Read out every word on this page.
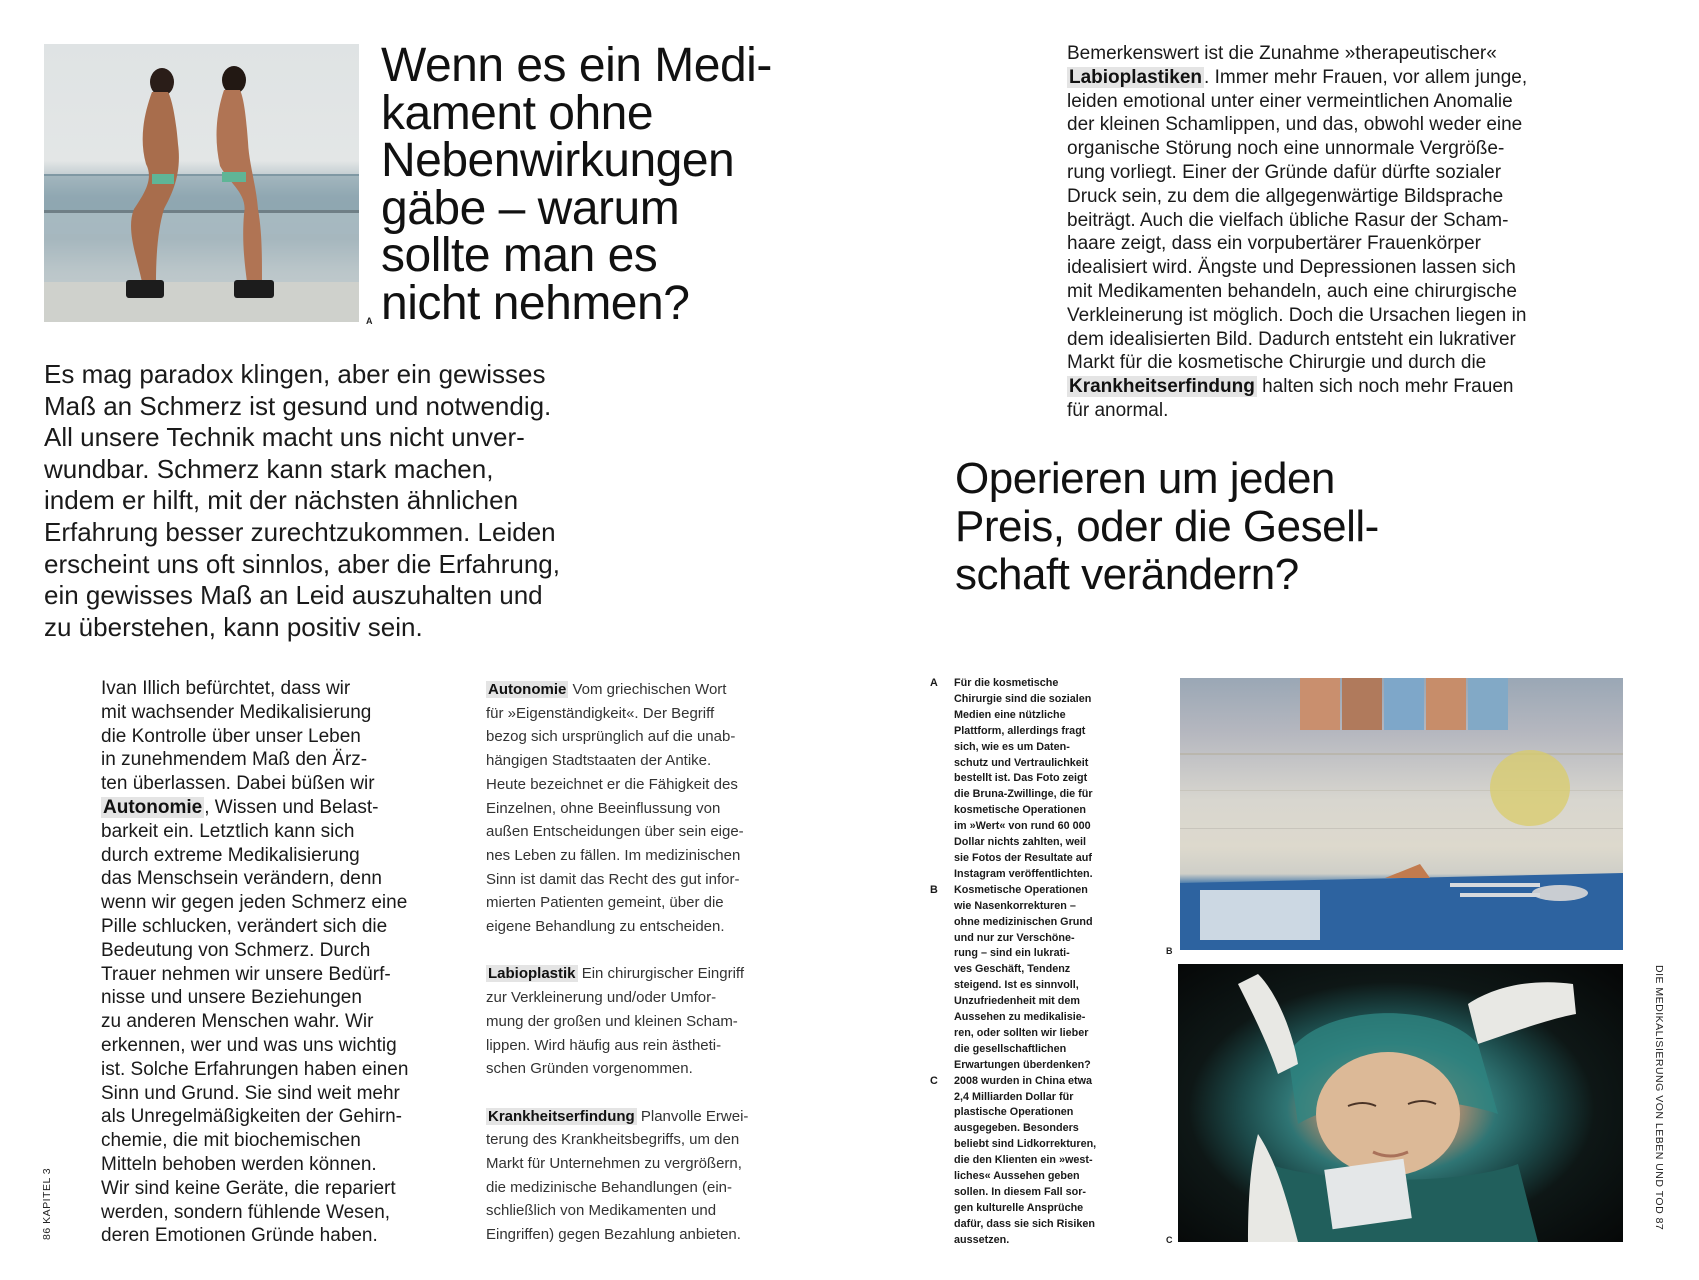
A
Wenn es ein Medi-
kament ohne
Nebenwirkungen
gäbe – warum
sollte man es
nicht nehmen?

Es mag paradox klingen, aber ein gewisses
Maß an Schmerz ist gesund und notwendig.
All unsere Technik macht uns nicht unver-
wundbar. Schmerz kann stark machen,
indem er hilft, mit der nächsten ähnlichen
Erfahrung besser zurechtzukommen. Leiden
erscheint uns oft sinnlos, aber die Erfahrung,
ein gewisses Maß an Leid auszuhalten und
zu überstehen, kann positiv sein.

Ivan Illich befürchtet, dass wir
mit wachsender Medikalisierung
die Kontrolle über unser Leben
in zunehmendem Maß den Ärz-
ten überlassen. Dabei büßen wir
Autonomie , Wissen und Belast-
barkeit ein. Letztlich kann sich
durch extreme Medikalisierung
das Menschsein verändern, denn
wenn wir gegen jeden Schmerz eine
Pille schlucken, verändert sich die
Bedeutung von Schmerz. Durch
Trauer nehmen wir unsere Bedürf-
nisse und unsere Beziehungen
zu anderen Menschen wahr. Wir
erkennen, wer und was uns wichtig
ist. Solche Erfahrungen haben einen
Sinn und Grund. Sie sind weit mehr
als Unregelmäßigkeiten der Gehirn-
chemie, die mit biochemischen
Mitteln behoben werden können.
Wir sind keine Geräte, die repariert
werden, sondern fühlende Wesen,
deren Emotionen Gründe haben.
Autonomie Vom griechischen Wort
für »Eigenständigkeit«. Der Begriff
bezog sich ursprünglich auf die unab-
hängigen Stadtstaaten der Antike.
Heute bezeichnet er die Fähigkeit des
Einzelnen, ohne Beeinflussung von
außen Entscheidungen über sein eige-
nes Leben zu fällen. Im medizinischen
Sinn ist damit das Recht des gut infor-
mierten Patienten gemeint, über die
eigene Behandlung zu entscheiden.
Labioplastik Ein chirurgischer Eingriff
zur Verkleinerung und/oder Umfor-
mung der großen und kleinen Scham-
lippen. Wird häufig aus rein ästheti-
schen Gründen vorgenommen.
Krankheitserfindung Planvolle Erwei-
terung des Krankheitsbegriffs, um den
Markt für Unternehmen zu vergrößern,
die medizinische Behandlungen (ein-
schließlich von Medikamenten und
Eingriffen) gegen Bezahlung anbieten.
86 KAPITEL 3
Bemerkenswert ist die Zunahme »therapeutischer«
Labioplastiken . Immer mehr Frauen, vor allem junge,
leiden emotional unter einer vermeintlichen Anomalie
der kleinen Schamlippen, und das, obwohl weder eine
organische Störung noch eine unnormale Vergröße-
rung vorliegt. Einer der Gründe dafür dürfte sozialer
Druck sein, zu dem die allgegenwärtige Bildsprache
beiträgt. Auch die vielfach übliche Rasur der Scham-
haare zeigt, dass ein vorpubertärer Frauenkörper
idealisiert wird. Ängste und Depressionen lassen sich
mit Medikamenten behandeln, auch eine chirurgische
Verkleinerung ist möglich. Doch die Ursachen liegen in
dem idealisierten Bild. Dadurch entsteht ein lukrativer
Markt für die kosmetische Chirurgie und durch die
Krankheitserfindung halten sich noch mehr Frauen
für anormal.
Operieren um jeden
Preis, oder die Gesell-
schaft verändern?
A	Für die kosmetische
Chirurgie sind die sozialen
Medien eine nützliche
Plattform, allerdings fragt
sich, wie es um Daten-
schutz und Vertraulichkeit
bestellt ist. Das Foto zeigt
die Bruna-Zwillinge, die für
kosmetische Operationen
im »Wert« von rund 60 000
Dollar nichts zahlten, weil
sie Fotos der Resultate auf
Instagram veröffentlichten.
B	Kosmetische Operationen
wie Nasenkorrekturen –
ohne medizinischen Grund
und nur zur Verschöne-
rung – sind ein lukrati-
ves Geschäft, Tendenz
steigend. Ist es sinnvoll,
Unzufriedenheit mit dem
Aussehen zu medikalisie-
ren, oder sollten wir lieber
die gesellschaftlichen
Erwartungen überdenken?
C	2008 wurden in China etwa
2,4 Milliarden Dollar für
plastische Operationen
ausgegeben. Besonders
beliebt sind Lidkorrekturen,
die den Klienten ein »west-
liches« Aussehen geben
sollen. In diesem Fall sor-
gen kulturelle Ansprüche
dafür, dass sie sich Risiken
aussetzen.
B
C
DIE MEDIKALISIERUNG VON LEBEN UND TOD 87
